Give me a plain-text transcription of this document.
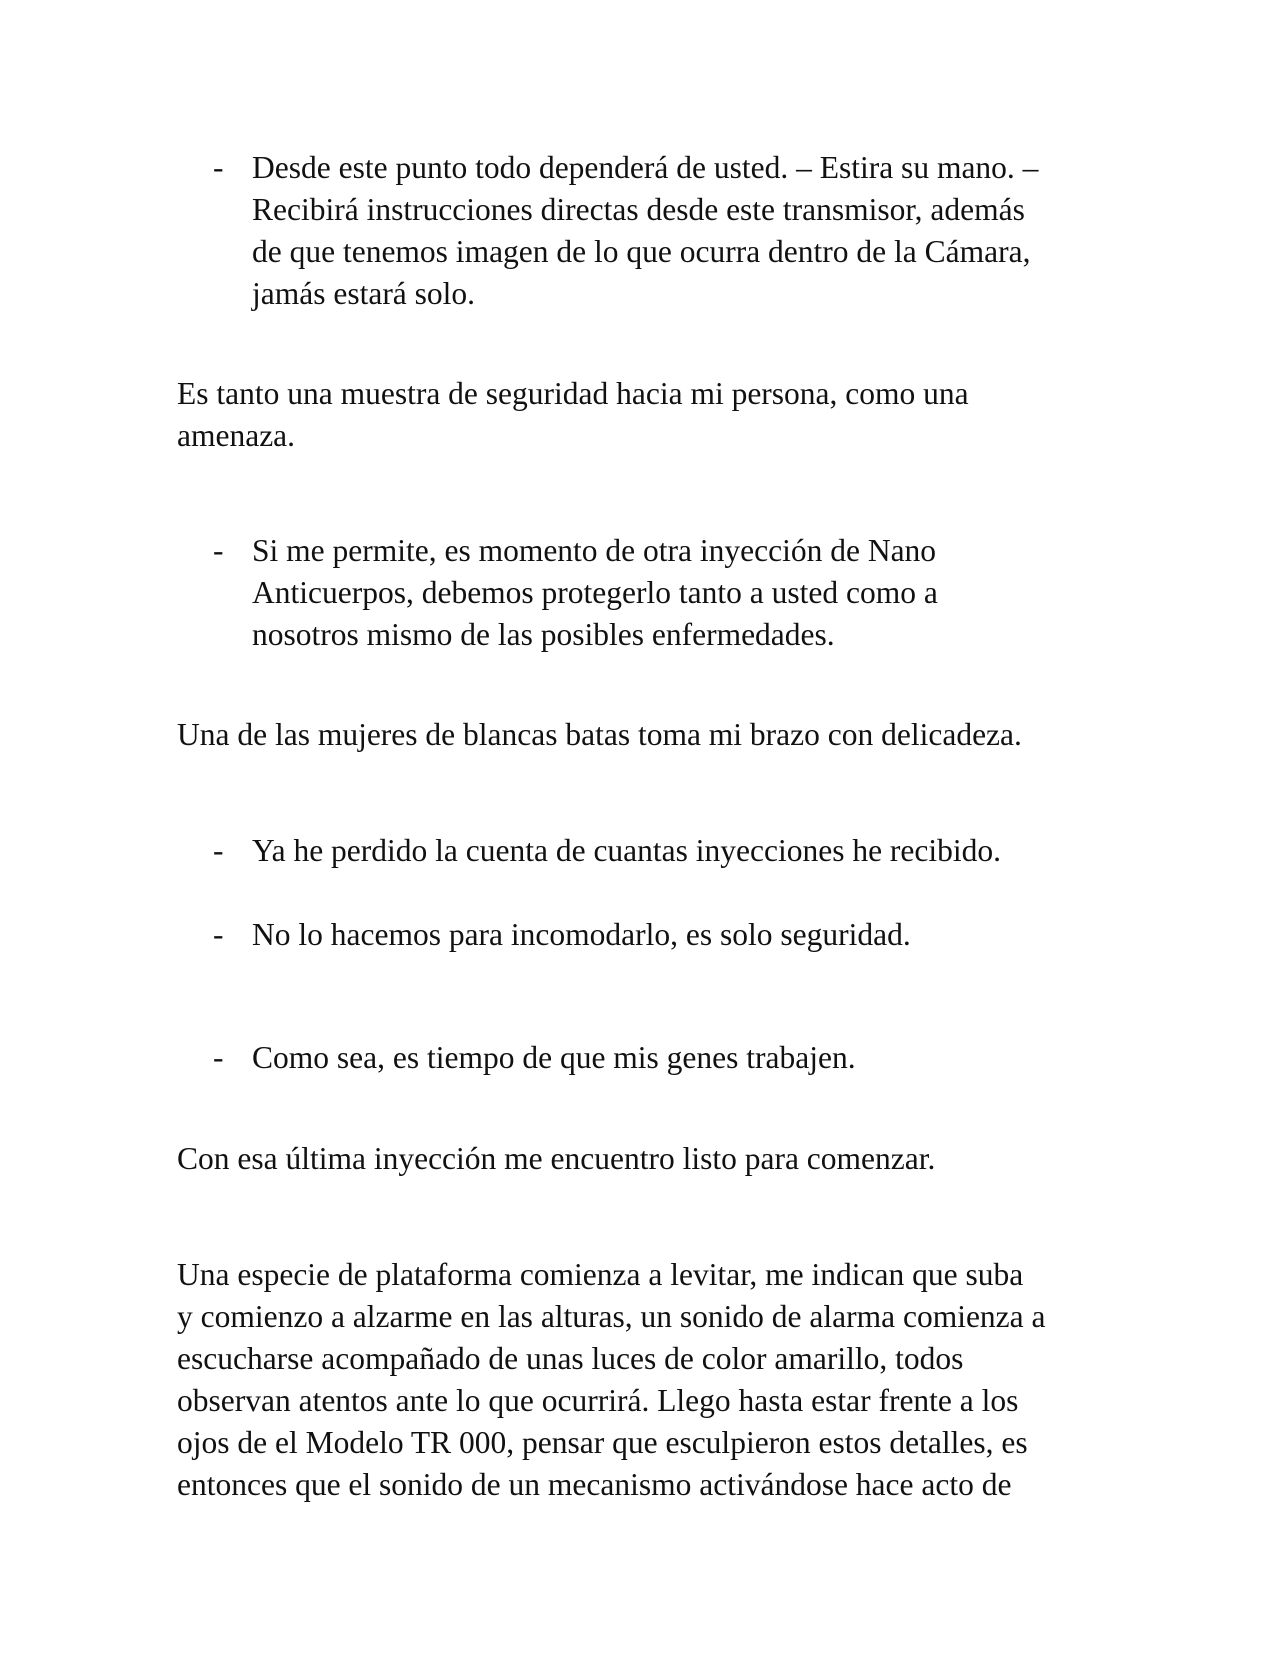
- Desde este punto todo dependerá de usted. – Estira su mano. –

Recibirá instrucciones directas desde este transmisor, además

de que tenemos imagen de lo que ocurra dentro de la Cámara,

jamás estará solo.

Es tanto una muestra de seguridad hacia mi persona, como una

amenaza.

- Si me permite, es momento de otra inyección de Nano

Anticuerpos, debemos protegerlo tanto a usted como a

nosotros mismo de las posibles enfermedades.

Una de las mujeres de blancas batas toma mi brazo con delicadeza.

- Ya he perdido la cuenta de cuantas inyecciones he recibido.

- No lo hacemos para incomodarlo, es solo seguridad.

- Como sea, es tiempo de que mis genes trabajen.

Con esa última inyección me encuentro listo para comenzar.

Una especie de plataforma comienza a levitar, me indican que suba

y comienzo a alzarme en las alturas, un sonido de alarma comienza a

escucharse acompañado de unas luces de color amarillo, todos

observan atentos ante lo que ocurrirá. Llego hasta estar frente a los

ojos de el Modelo TR 000, pensar que esculpieron estos detalles, es

entonces que el sonido de un mecanismo activándose hace acto de
